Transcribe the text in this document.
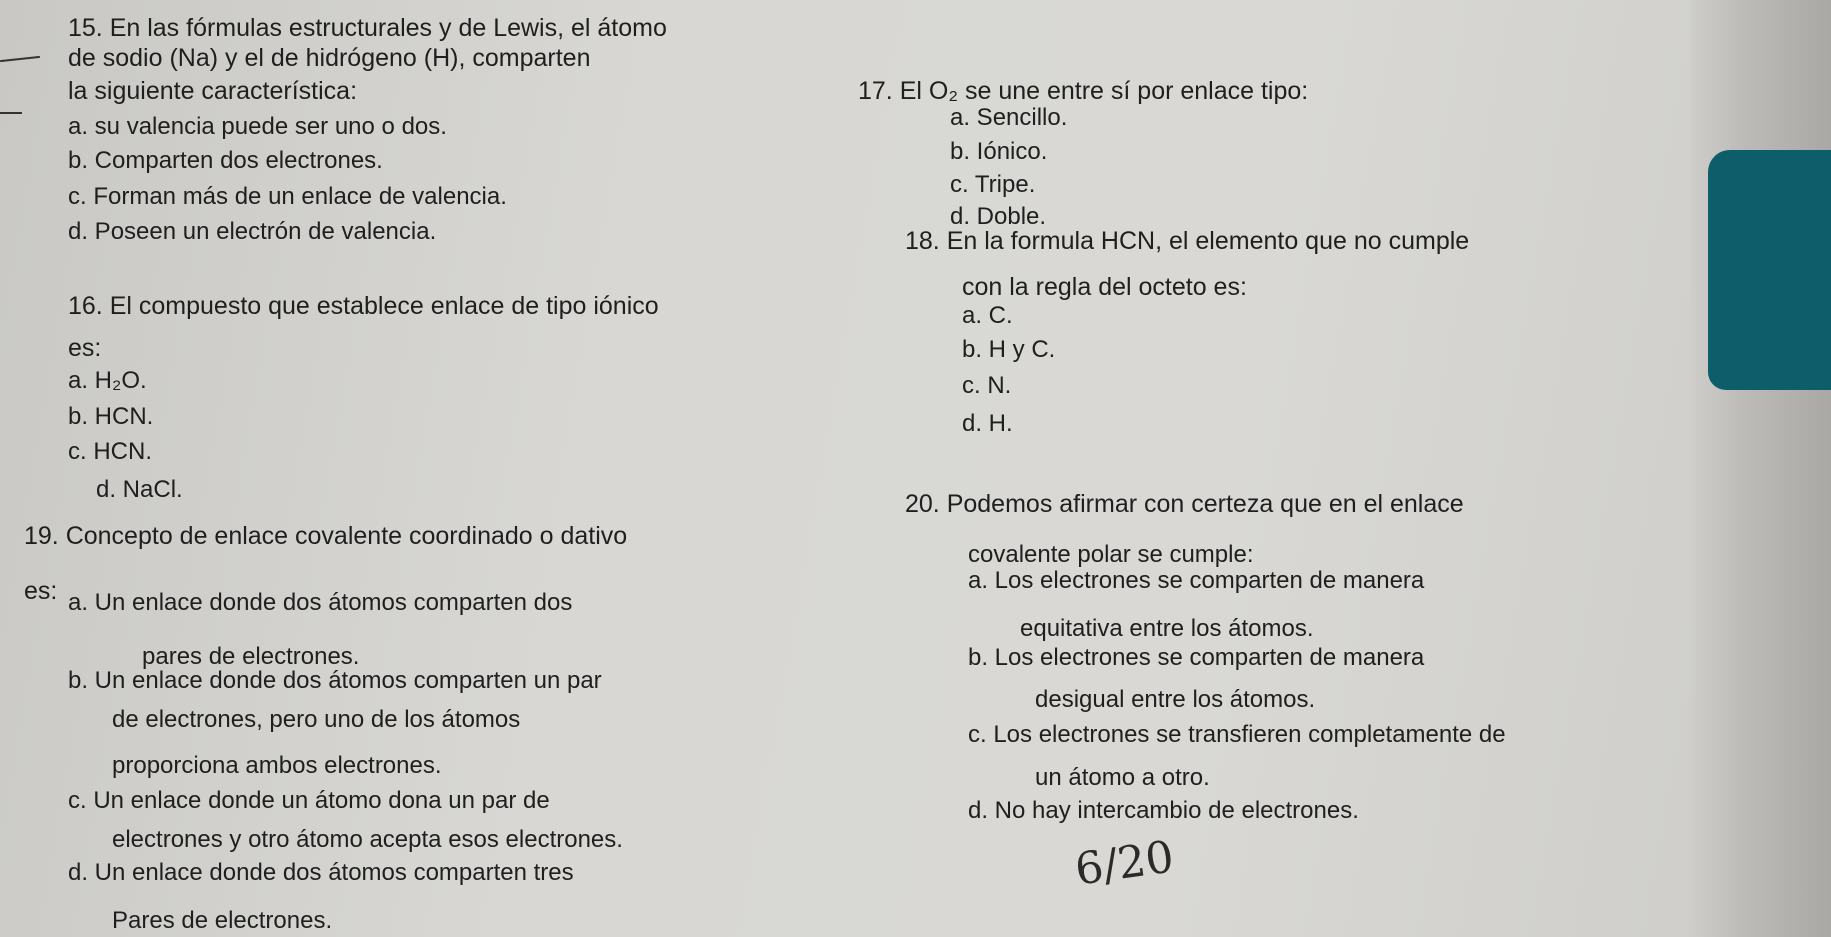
15. En las fórmulas estructurales y de Lewis, el átomo
de sodio (Na) y el de hidrógeno (H), comparten
la siguiente característica:
a. su valencia puede ser uno o dos.
b. Comparten dos electrones.
c. Forman más de un enlace de valencia.
d. Poseen un electrón de valencia.
16. El compuesto que establece enlace de tipo iónico
es:
a. H₂O.
b. HCN.
c. HCN.
d. NaCl.
17. El O₂ se une entre sí por enlace tipo:
a. Sencillo.
b. Iónico.
c. Tripe.
d. Doble.
18. En la formula HCN, el elemento que no cumple
con la regla del octeto es:
a. C.
b. H y C.
c. N.
d. H.
19. Concepto de enlace covalente coordinado o dativo
es: a. Un enlace donde dos átomos comparten dos
pares de electrones.
b. Un enlace donde dos átomos comparten un par
de electrones, pero uno de los átomos
proporciona ambos electrones.
c. Un enlace donde un átomo dona un par de
electrones y otro átomo acepta esos electrones.
d. Un enlace donde dos átomos comparten tres
Pares de electrones.
20. Podemos afirmar con certeza que en el enlace
covalente polar se cumple:
a. Los electrones se comparten de manera
equitativa entre los átomos.
b. Los electrones se comparten de manera
desigual entre los átomos.
c. Los electrones se transfieren completamente de
un átomo a otro.
d. No hay intercambio de electrones.
6/20
